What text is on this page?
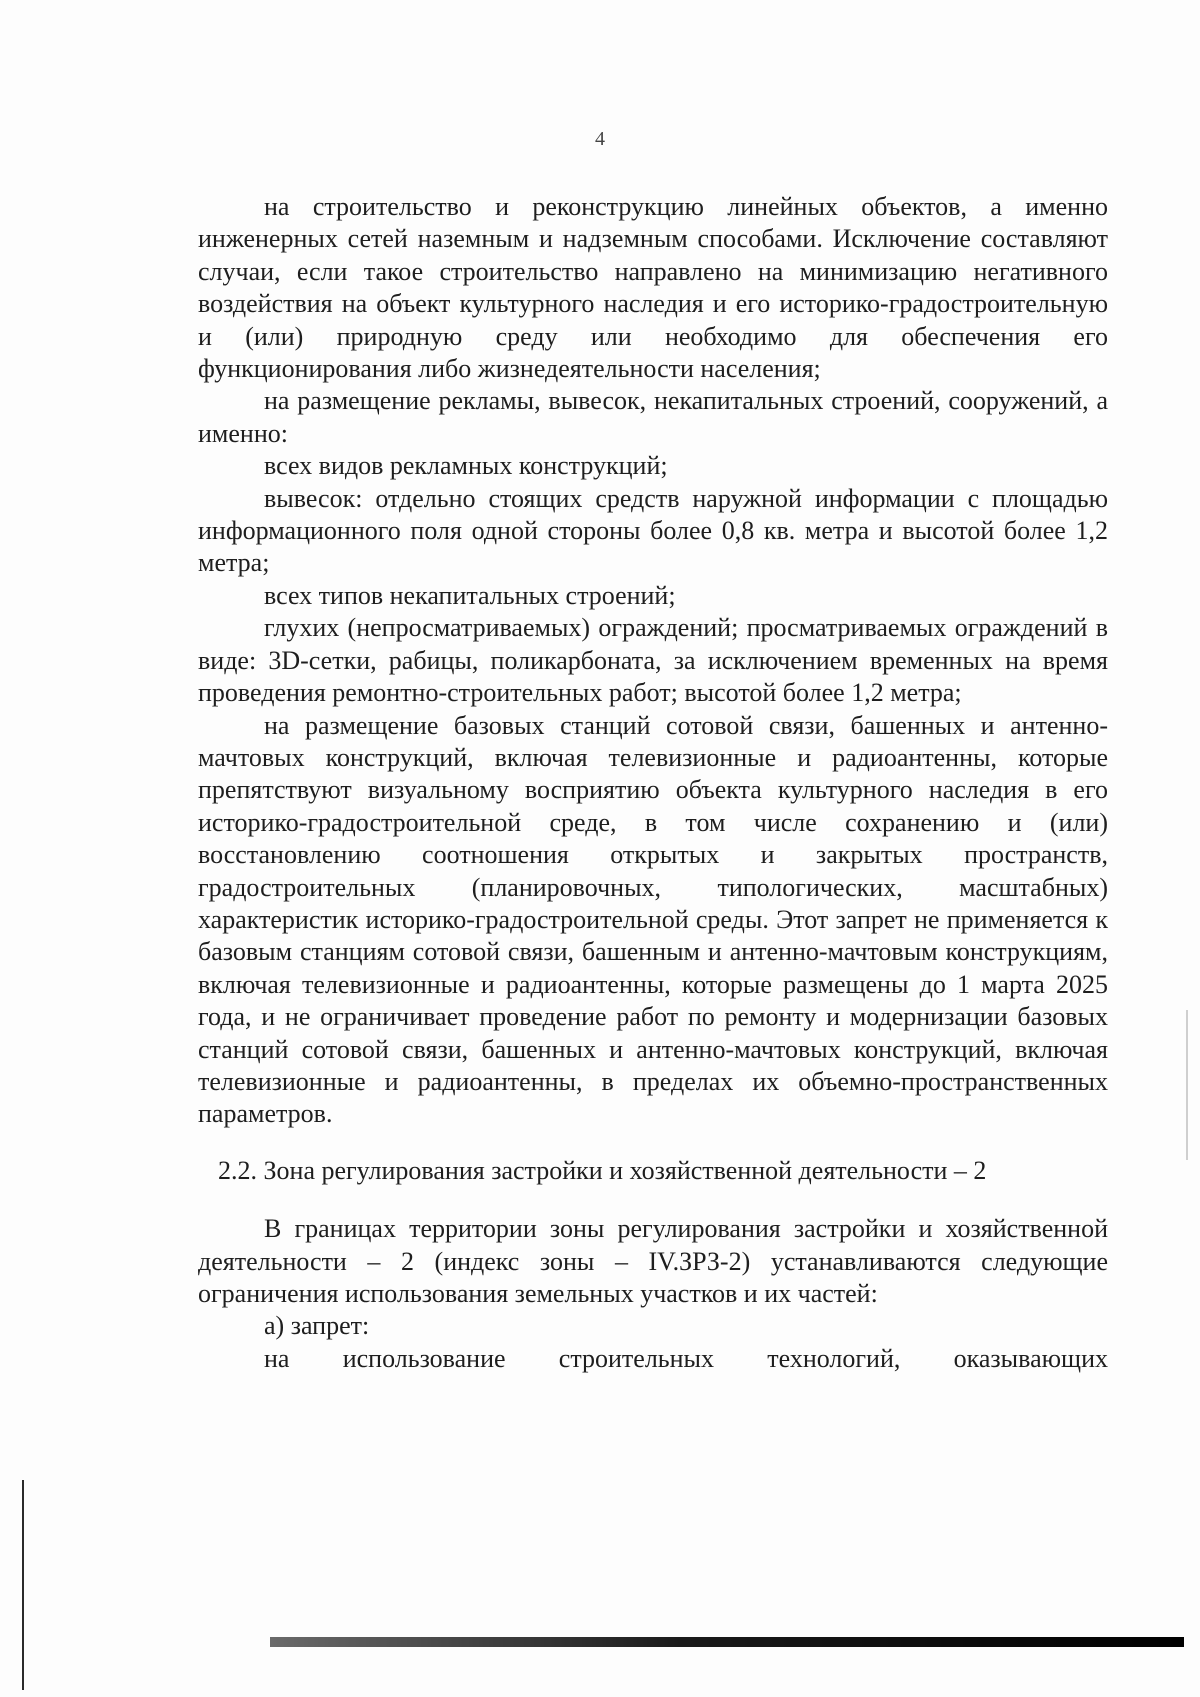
4

на строительство и реконструкцию линейных объектов, а именно инженерных сетей наземным и надземным способами. Исключение составляют случаи, если такое строительство направлено на минимизацию негативного воздействия на объект культурного наследия и его историко-градостроительную и (или) природную среду или необходимо для обеспечения его функционирования либо жизнедеятельности населения;

на размещение рекламы, вывесок, некапитальных строений, сооружений, а именно:

всех видов рекламных конструкций;

вывесок: отдельно стоящих средств наружной информации с площадью информационного поля одной стороны более 0,8 кв. метра и высотой более 1,2 метра;

всех типов некапитальных строений;

глухих (непросматриваемых) ограждений; просматриваемых ограждений в виде: 3D-сетки, рабицы, поликарбоната, за исключением временных на время проведения ремонтно-строительных работ; высотой более 1,2 метра;

на размещение базовых станций сотовой связи, башенных и антенно-мачтовых конструкций, включая телевизионные и радиоантенны, которые препятствуют визуальному восприятию объекта культурного наследия в его историко-градостроительной среде, в том числе сохранению и (или) восстановлению соотношения открытых и закрытых пространств, градостроительных (планировочных, типологических, масштабных) характеристик историко-градостроительной среды. Этот запрет не применяется к базовым станциям сотовой связи, башенным и антенно-мачтовым конструкциям, включая телевизионные и радиоантенны, которые размещены до 1 марта 2025 года, и не ограничивает проведение работ по ремонту и модернизации базовых станций сотовой связи, башенных и антенно-мачтовых конструкций, включая телевизионные и радиоантенны, в пределах их объемно-пространственных параметров.

2.2. Зона регулирования застройки и хозяйственной деятельности – 2

В границах территории зоны регулирования застройки и хозяйственной деятельности – 2 (индекс зоны – IV.ЗРЗ-2) устанавливаются следующие ограничения использования земельных участков и их частей:

а) запрет:

на использование строительных технологий, оказывающих
